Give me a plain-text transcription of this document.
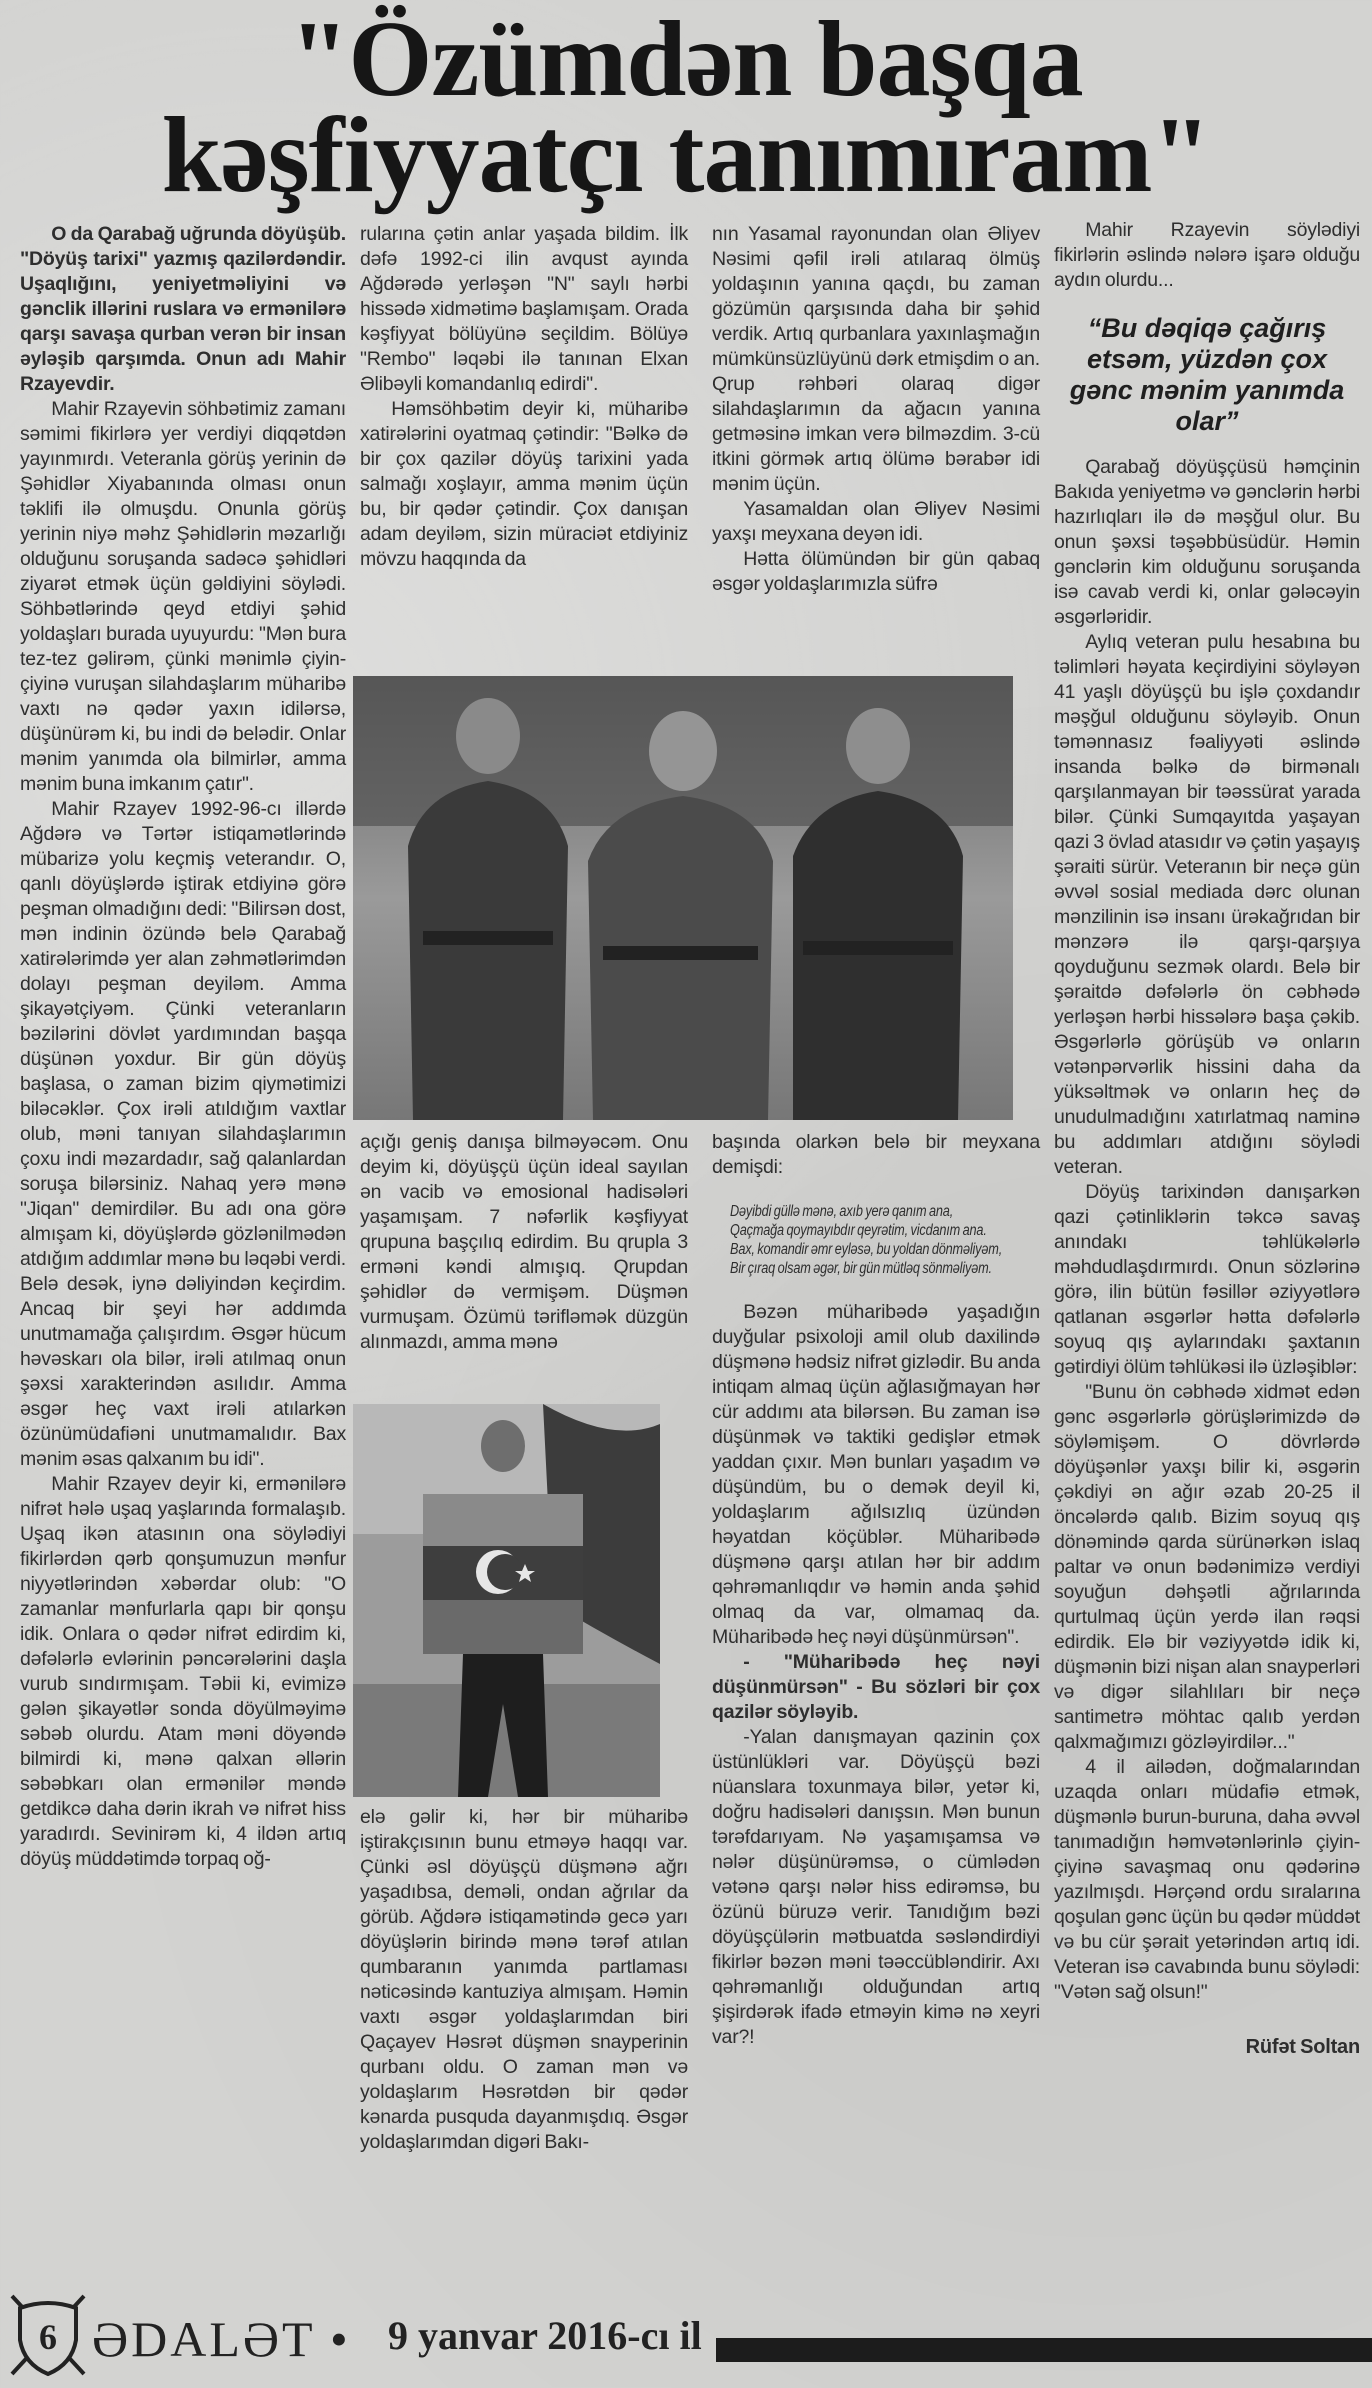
"Özümdən başqa
kəşfiyyatçı tanımıram"

O da Qarabağ uğrunda döyüşüb. "Döyüş tarixi" yazmış qazilərdəndir. Uşaqlığını, yeniyetməliyini və gənclik illərini ruslara və ermənilərə qarşı savaşa qurban verən bir insan əyləşib qarşımda. Onun adı Mahir Rzayevdir.

Mahir Rzayevin söhbətimiz zamanı səmimi fikirlərə yer verdiyi diqqətdən yayınmırdı. Veteranla görüş yerinin də Şəhidlər Xiyabanında olması onun təklifi ilə olmuşdu. Onunla görüş yerinin niyə məhz Şəhidlərin məzarlığı olduğunu soruşanda sadəcə şəhidləri ziyarət etmək üçün gəldiyini söylədi. Söhbətlərində qeyd etdiyi şəhid yoldaşları burada uyuyurdu: "Mən bura tez-tez gəlirəm, çünki mənimlə çiyin-çiyinə vuruşan silahdaşlarım müharibə vaxtı nə qədər yaxın idilərsə, düşünürəm ki, bu indi də belədir. Onlar mənim yanımda ola bilmirlər, amma mənim buna imkanım çatır".

Mahir Rzayev 1992-96-cı illərdə Ağdərə və Tərtər istiqamətlərində mübarizə yolu keçmiş veterandır. O, qanlı döyüşlərdə iştirak etdiyinə görə peşman olmadığını dedi: "Bilirsən dost, mən indinin özündə belə Qarabağ xatirələrimdə yer alan zəhmətlərimdən dolayı peşman deyiləm. Amma şikayətçiyəm. Çünki veteranların bəzilərini dövlət yardımından başqa düşünən yoxdur. Bir gün döyüş başlasa, o zaman bizim qiymətimizi biləcəklər. Çox irəli atıldığım vaxtlar olub, məni tanıyan silahdaşlarımın çoxu indi məzardadır, sağ qalanlardan soruşa bilərsiniz. Nahaq yerə mənə "Jiqan" demirdilər. Bu adı ona görə almışam ki, döyüşlərdə gözlənilmədən atdığım addımlar mənə bu ləqəbi verdi. Belə desək, iynə dəliyindən keçirdim. Ancaq bir şeyi hər addımda unutmamağa çalışırdım. Əsgər hücum həvəskarı ola bilər, irəli atılmaq onun şəxsi xarakterindən asılıdır. Amma əsgər heç vaxt irəli atılarkən özünümüdafiəni unutmamalıdır. Bax mənim əsas qalxanım bu idi".

Mahir Rzayev deyir ki, ermənilərə nifrət hələ uşaq yaşlarında formalaşıb. Uşaq ikən atasının ona söylədiyi fikirlərdən qərb qonşumuzun mənfur niyyətlərindən xəbərdar olub: "O zamanlar mənfurlarla qapı bir qonşu idik. Onlara o qədər nifrət edirdim ki, dəfələrlə evlərinin pəncərələrini daşla vurub sındırmışam. Təbii ki, evimizə gələn şikayətlər sonda döyülməyimə səbəb olurdu. Atam məni döyəndə bilmirdi ki, mənə qalxan əllərin səbəbkarı olan ermənilər məndə getdikcə daha dərin ikrah və nifrət hiss yaradırdı. Sevinirəm ki, 4 ildən artıq döyüş müddətimdə torpaq oğ-

rularına çətin anlar yaşada bildim. İlk dəfə 1992-ci ilin avqust ayında Ağdərədə yerləşən "N" saylı hərbi hissədə xidmətimə başlamışam. Orada kəşfiyyat bölüyünə seçildim. Bölüyə "Rembo" ləqəbi ilə tanınan Elxan Əlibəyli komandanlıq edirdi".

Həmsöhbətim deyir ki, müharibə xatirələrini oyatmaq çətindir: "Bəlkə də bir çox qazilər döyüş tarixini yada salmağı xoşlayır, amma mənim üçün bu, bir qədər çətindir. Çox danışan adam deyiləm, sizin müraciət etdiyiniz mövzu haqqında da

açığı geniş danışa bilməyəcəm. Onu deyim ki, döyüşçü üçün ideal sayılan ən vacib və emosional hadisələri yaşamışam. 7 nəfərlik kəşfiyyat qrupuna başçılıq edirdim. Bu qrupla 3 erməni kəndi almışıq. Qrupdan şəhidlər də vermişəm. Düşmən vurmuşam. Özümü tərifləmək düzgün alınmazdı, amma mənə

elə gəlir ki, hər bir müharibə iştirakçısının bunu etməyə haqqı var. Çünki əsl döyüşçü düşmənə ağrı yaşadıbsa, deməli, ondan ağrılar da görüb. Ağdərə istiqamətində gecə yarı döyüşlərin birində mənə tərəf atılan qumbaranın yanımda partlaması nəticəsində kantuziya almışam. Həmin vaxtı əsgər yoldaşlarımdan biri Qaçayev Həsrət düşmən snayperinin qurbanı oldu. O zaman mən və yoldaşlarım Həsrətdən bir qədər kənarda pusquda dayanmışdıq. Əsgər yoldaşlarımdan digəri Bakı-

nın Yasamal rayonundan olan Əliyev Nəsimi qəfil irəli atılaraq ölmüş yoldaşının yanına qaçdı, bu zaman gözümün qarşısında daha bir şəhid verdik. Artıq qurbanlara yaxınlaşmağın mümkünsüzlüyünü dərk etmişdim o an. Qrup rəhbəri olaraq digər silahdaşlarımın da ağacın yanına getməsinə imkan verə bilməzdim. 3-cü itkini görmək artıq ölümə bərabər idi mənim üçün.

Yasamaldan olan Əliyev Nəsimi yaxşı meyxana deyən idi.

Hətta ölümündən bir gün qabaq əsgər yoldaşlarımızla süfrə

başında olarkən belə bir meyxana demişdi:

Dəyibdi güllə mənə, axıb yerə qanım ana,
Qaçmağa qoymayıbdır qeyrətim, vicdanım ana.
Bax, komandir əmr eyləsə, bu yoldan dönməliyəm,
Bir çıraq olsam əgər, bir gün mütləq sönməliyəm.

Bəzən müharibədə yaşadığın duyğular psixoloji amil olub daxilində düşmənə hədsiz nifrət gizlədir. Bu anda intiqam almaq üçün ağlasığmayan hər cür addımı ata bilərsən. Bu zaman isə düşünmək və taktiki gedişlər etmək yaddan çıxır. Mən bunları yaşadım və düşündüm, bu o demək deyil ki, yoldaşlarım ağılsızlıq üzündən həyatdan köçüblər. Müharibədə düşmənə qarşı atılan hər bir addım qəhrəmanlıqdır və həmin anda şəhid olmaq da var, olmamaq da. Müharibədə heç nəyi düşünmürsən".

- "Müharibədə heç nəyi düşünmürsən" - Bu sözləri bir çox qazilər söyləyib.

-Yalan danışmayan qazinin çox üstünlükləri var. Döyüşçü bəzi nüanslara toxunmaya bilər, yetər ki, doğru hadisələri danışsın. Mən bunun tərəfdarıyam. Nə yaşamışamsa və nələr düşünürəmsə, o cümlədən vətənə qarşı nələr hiss edirəmsə, bu özünü büruzə verir. Tanıdığım bəzi döyüşçülərin mətbuatda səsləndirdiyi fikirlər bəzən məni təəccübləndirir. Axı qəhrəmanlığı olduğundan artıq şişirdərək ifadə etməyin kimə nə xeyri var?!

Mahir Rzayevin söylədiyi fikirlərin əslində nələrə işarə olduğu aydın olurdu...

“Bu dəqiqə çağırış etsəm, yüzdən çox gənc mənim yanımda olar”

Qarabağ döyüşçüsü həmçinin Bakıda yeniyetmə və gənclərin hərbi hazırlıqları ilə də məşğul olur. Bu onun şəxsi təşəbbüsüdür. Həmin gənclərin kim olduğunu soruşanda isə cavab verdi ki, onlar gələcəyin əsgərləridir.

Aylıq veteran pulu hesabına bu təlimləri həyata keçirdiyini söyləyən 41 yaşlı döyüşçü bu işlə çoxdandır məşğul olduğunu söyləyib. Onun təmənnasız fəaliyyəti əslində insanda bəlkə də birmənalı qarşılanmayan bir təəssürat yarada bilər. Çünki Sumqayıtda yaşayan qazi 3 övlad atasıdır və çətin yaşayış şəraiti sürür. Veteranın bir neçə gün əvvəl sosial mediada dərc olunan mənzilinin isə insanı ürəkağrıdan bir mənzərə ilə qarşı-qarşıya qoyduğunu sezmək olardı. Belə bir şəraitdə dəfələrlə ön cəbhədə yerləşən hərbi hissələrə başa çəkib. Əsgərlərlə görüşüb və onların vətənpərvərlik hissini daha da yüksəltmək və onların heç də unudulmadığını xatırlatmaq naminə bu addımları atdığını söylədi veteran.

Döyüş tarixindən danışarkən qazi çətinliklərin təkcə savaş anındakı təhlükələrlə məhdudlaşdırmırdı. Onun sözlərinə görə, ilin bütün fəsillər əziyyətlərə qatlanan əsgərlər hətta dəfələrlə soyuq qış aylarındakı şaxtanın gətirdiyi ölüm təhlükəsi ilə üzləşiblər:

"Bunu ön cəbhədə xidmət edən gənc əsgərlərlə görüşlərimizdə də söyləmişəm. O dövrlərdə döyüşənlər yaxşı bilir ki, əsgərin çəkdiyi ən ağır əzab 20-25 il öncələrdə qalıb. Bizim soyuq qış dönəmində qarda sürünərkən islaq paltar və onun bədənimizə verdiyi soyuğun dəhşətli ağrılarında qurtulmaq üçün yerdə ilan rəqsi edirdik. Elə bir vəziyyətdə idik ki, düşmənin bizi nişan alan snayperləri və digər silahlıları bir neçə santimetrə möhtac qalıb yerdən qalxmağımızı gözləyirdilər..."

4 il ailədən, doğmalarından uzaqda onları müdafiə etmək, düşmənlə burun-buruna, daha əvvəl tanımadığın həmvətənlərinlə çiyin-çiyinə savaşmaq onu qədərinə yazılmışdı. Hərçənd ordu sıralarına qoşulan gənc üçün bu qədər müddət və bu cür şərait yetərindən artıq idi. Veteran isə cavabında bunu söylədi: "Vətən sağ olsun!"

Rüfət Soltan
6 ƏDALƏT • 9 yanvar 2016-cı il
